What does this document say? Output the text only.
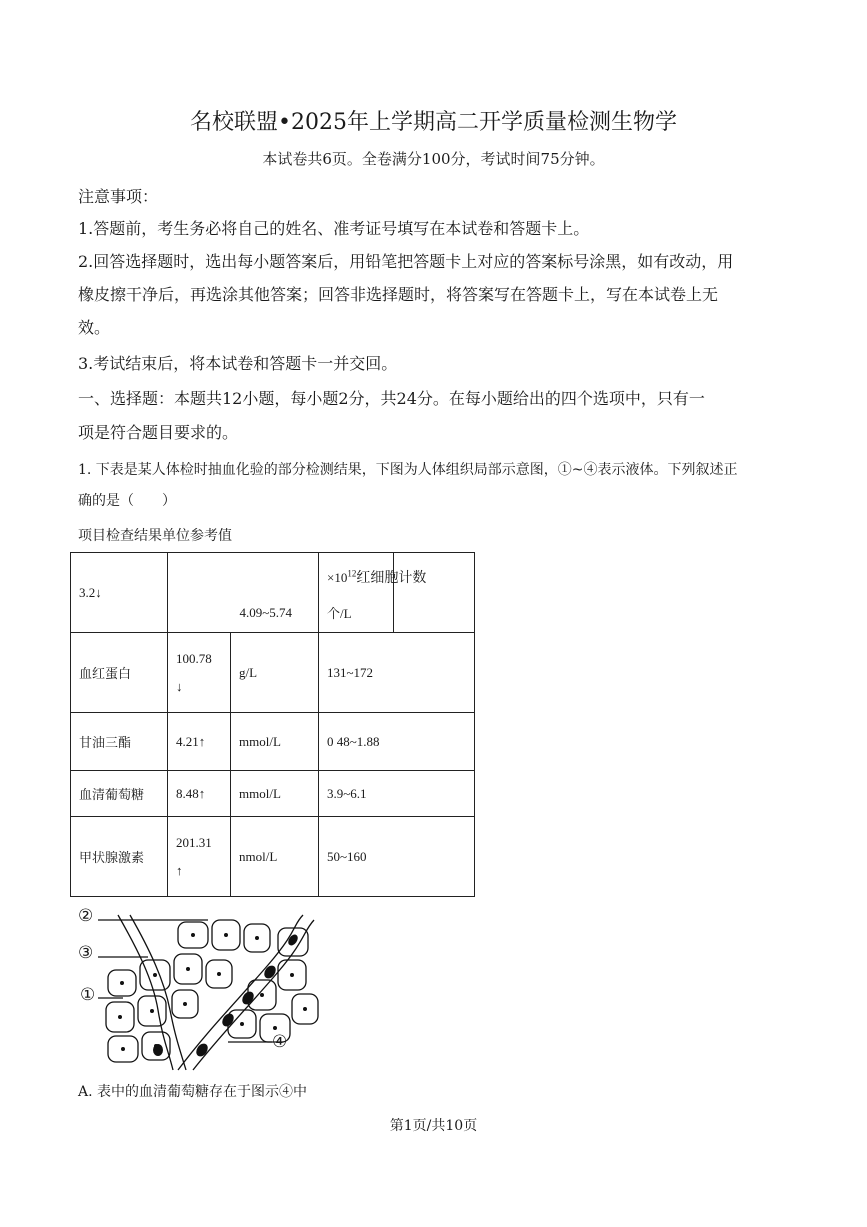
名校联盟•2025年上学期高二开学质量检测生物学
本试卷共6页。全卷满分100分，考试时间75分钟。
注意事项：
1.答题前，考生务必将自己的姓名、准考证号填写在本试卷和答题卡上。
2.回答选择题时，选出每小题答案后，用铅笔把答题卡上对应的答案标号涂黑，如有改动，用
橡皮擦干净后，再选涂其他答案；回答非选择题时，将答案写在答题卡上，写在本试卷上无
效。
3.考试结束后，将本试卷和答题卡一并交回。
一、选择题：本题共12小题，每小题2分，共24分。在每小题给出的四个选项中，只有一
项是符合题目要求的。
1. 下表是某人体检时抽血化验的部分检测结果，下图为人体组织局部示意图，①~④表示液体。下列叙述正
确的是（　　）
项目检查结果单位参考值
3.2↓	4.09~5.74		$\times 10^{12}$红细胞计数
个/L	

血红蛋白	100.78
↓	g/L	131~172	
甘油三酯	4.21↑	mmol/L	0 48~1.88	
血清葡萄糖	8.48↑	mmol/L	3.9~6.1	
甲状腺激素	201.31
↑	nmol/L	50~160	
②
③
①
④
A. 表中的血清葡萄糖存在于图示④中
第1页/共10页
